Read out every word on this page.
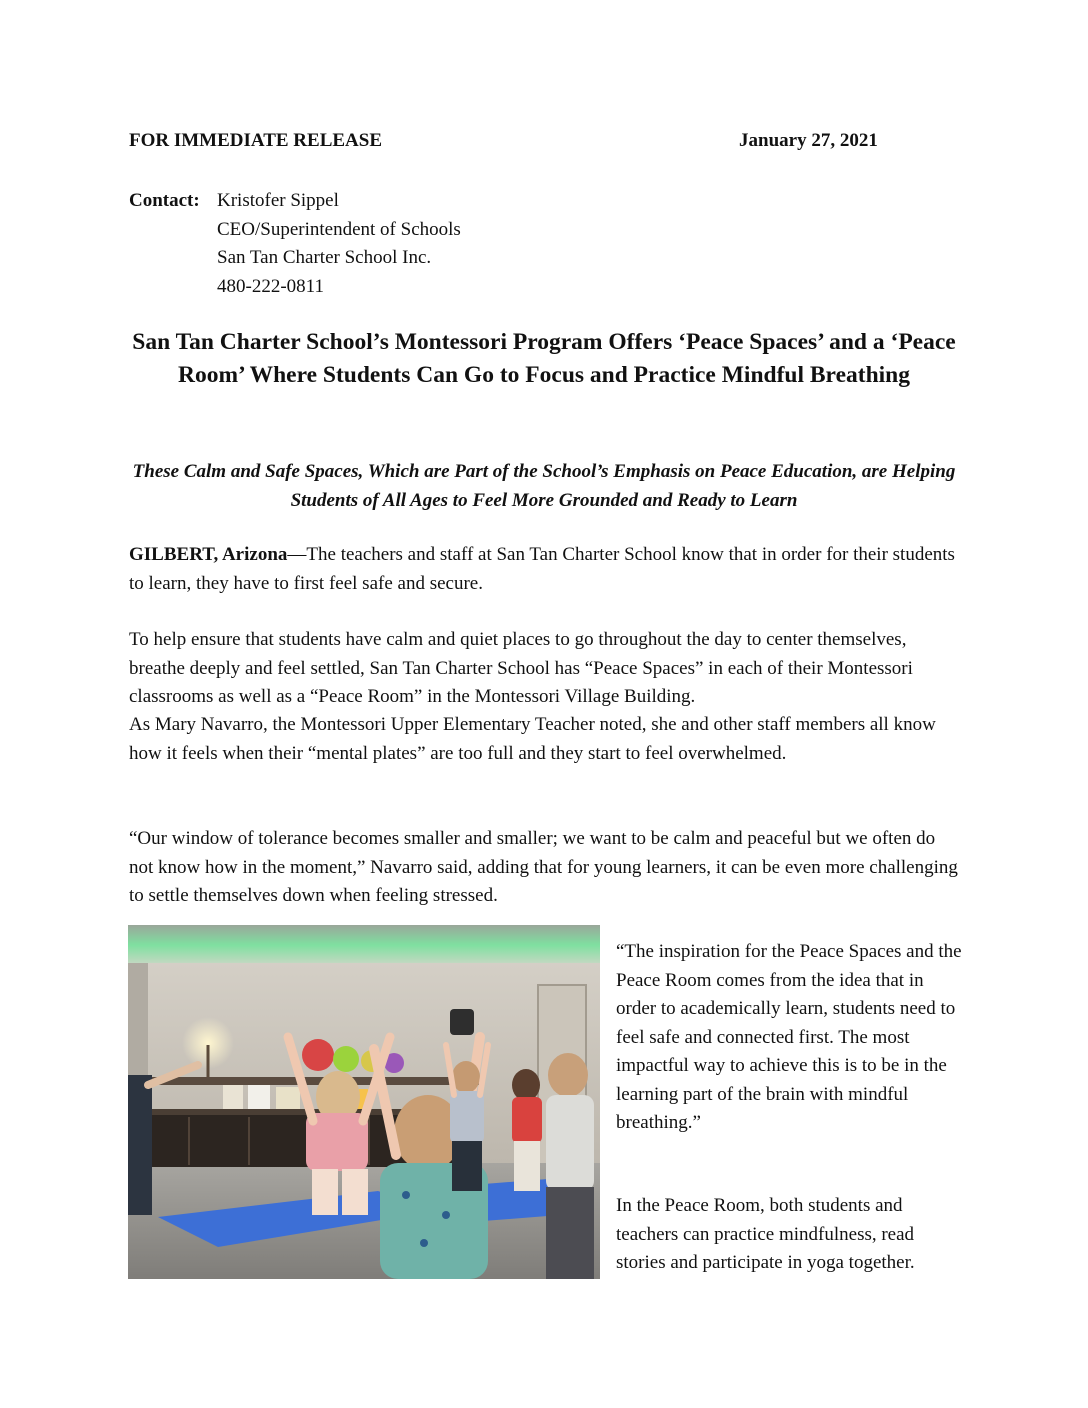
FOR IMMEDIATE RELEASE	January 27, 2021
Contact: Kristofer Sippel
CEO/Superintendent of Schools
San Tan Charter School Inc.
480-222-0811
San Tan Charter School’s Montessori Program Offers ‘Peace Spaces’ and a ‘Peace Room’ Where Students Can Go to Focus and Practice Mindful Breathing
These Calm and Safe Spaces, Which are Part of the School’s Emphasis on Peace Education, are Helping Students of All Ages to Feel More Grounded and Ready to Learn
GILBERT, Arizona—The teachers and staff at San Tan Charter School know that in order for their students to learn, they have to first feel safe and secure.
To help ensure that students have calm and quiet places to go throughout the day to center themselves, breathe deeply and feel settled, San Tan Charter School has “Peace Spaces” in each of their Montessori classrooms as well as a “Peace Room” in the Montessori Village Building.
As Mary Navarro, the Montessori Upper Elementary Teacher noted, she and other staff members all know how it feels when their “mental plates” are too full and they start to feel overwhelmed.
“Our window of tolerance becomes smaller and smaller; we want to be calm and peaceful but we often do not know how in the moment,” Navarro said, adding that for young learners, it can be even more challenging to settle themselves down when feeling stressed.
“The inspiration for the Peace Spaces and the Peace Room comes from the idea that in order to academically learn, students need to feel safe and connected first. The most impactful way to achieve this is to be in the learning part of the brain with mindful breathing.”
In the Peace Room, both students and teachers can practice mindfulness, read stories and participate in yoga together.
